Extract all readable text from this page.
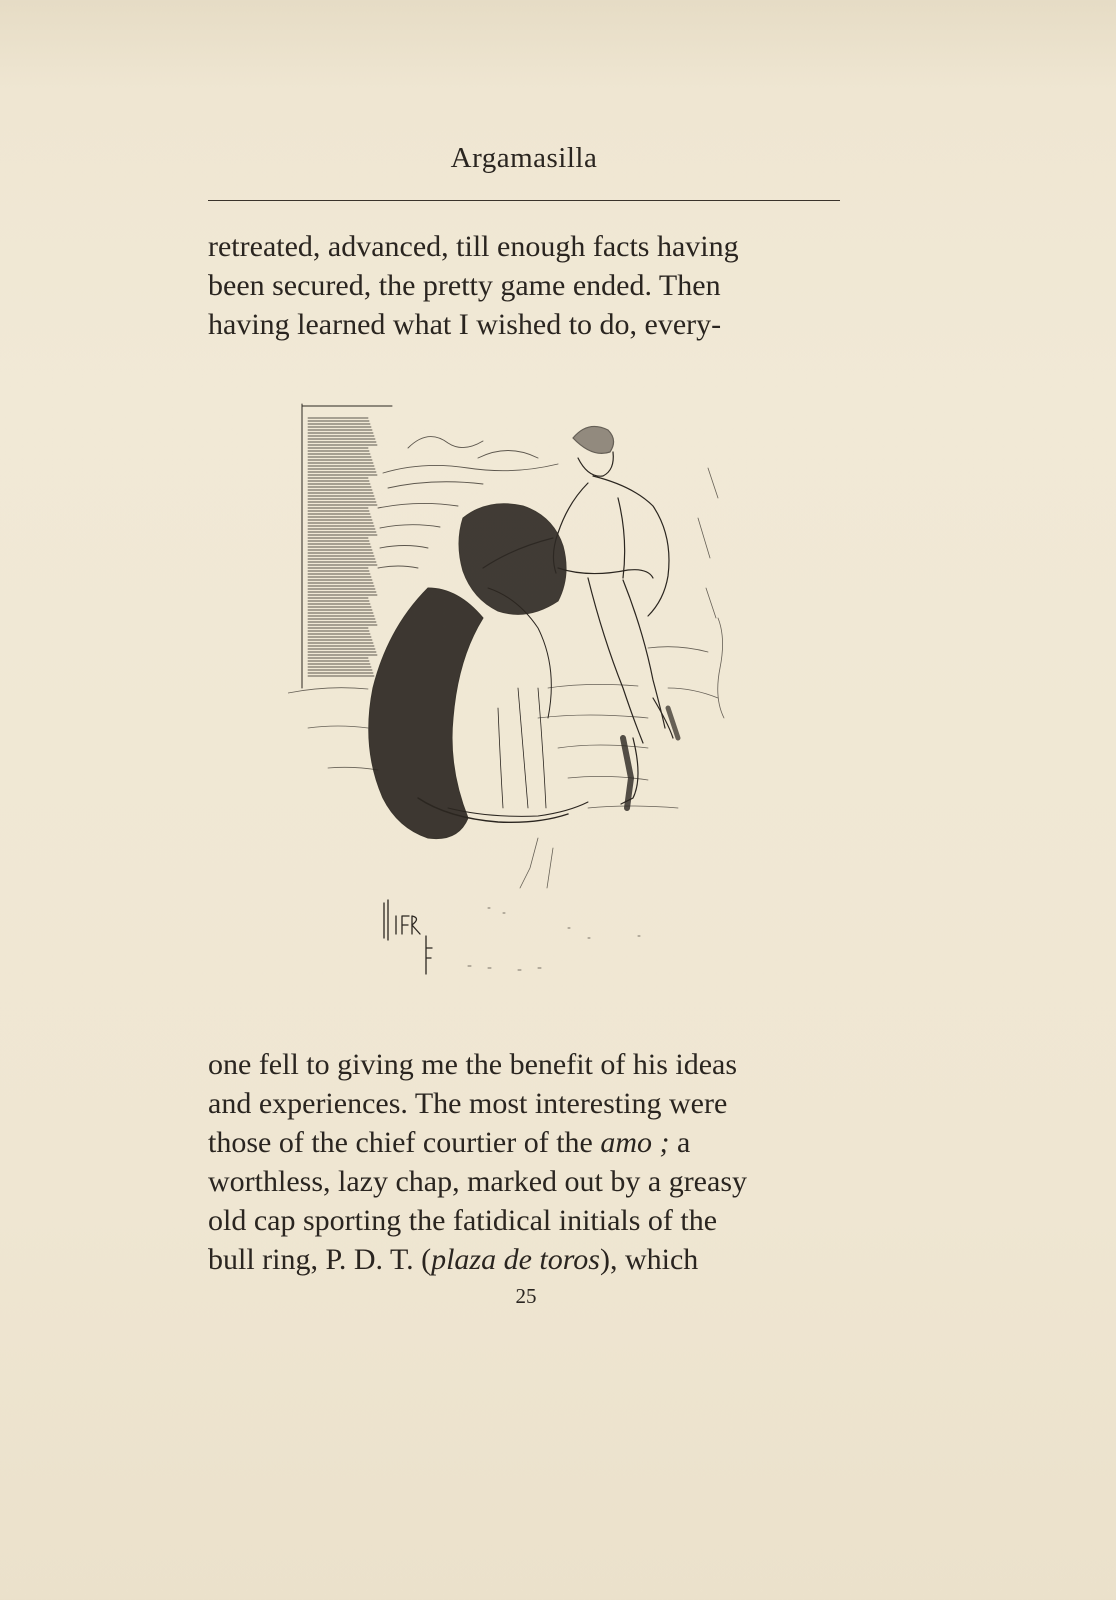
Argamasilla
retreated, advanced, till enough facts having
been secured, the pretty game ended. Then
having learned what I wished to do, every-
one fell to giving me the benefit of his ideas
and experiences. The most interesting were
those of the chief courtier of the amo ; a
worthless, lazy chap, marked out by a greasy
old cap sporting the fatidical initials of the
bull ring, P. D. T. (plaza de toros), which
25
